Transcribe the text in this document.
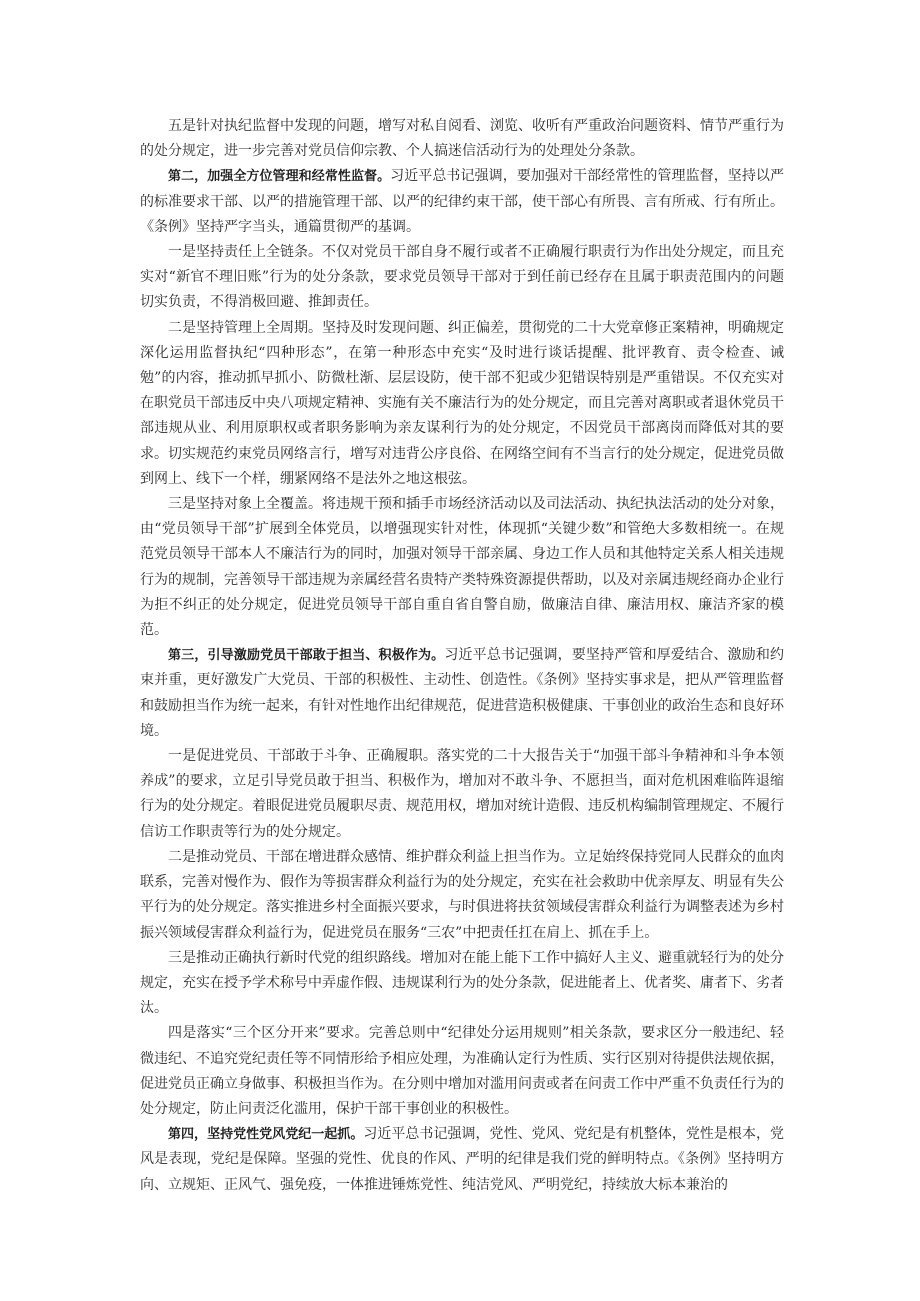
五是针对执纪监督中发现的问题，增写对私自阅看、浏览、收听有严重政治问题资料、情节严重行为的处分规定，进一步完善对党员信仰宗教、个人搞迷信活动行为的处理处分条款。

第二，加强全方位管理和经常性监督。习近平总书记强调，要加强对干部经常性的管理监督，坚持以严的标准要求干部、以严的措施管理干部、以严的纪律约束干部，使干部心有所畏、言有所戒、行有所止。《条例》坚持严字当头，通篇贯彻严的基调。

一是坚持责任上全链条。不仅对党员干部自身不履行或者不正确履行职责行为作出处分规定，而且充实对“新官不理旧账”行为的处分条款，要求党员领导干部对于到任前已经存在且属于职责范围内的问题切实负责，不得消极回避、推卸责任。

二是坚持管理上全周期。坚持及时发现问题、纠正偏差，贯彻党的二十大党章修正案精神，明确规定深化运用监督执纪“四种形态”，在第一种形态中充实“及时进行谈话提醒、批评教育、责令检查、诫勉”的内容，推动抓早抓小、防微杜渐、层层设防，使干部不犯或少犯错误特别是严重错误。不仅充实对在职党员干部违反中央八项规定精神、实施有关不廉洁行为的处分规定，而且完善对离职或者退休党员干部违规从业、利用原职权或者职务影响为亲友谋利行为的处分规定，不因党员干部离岗而降低对其的要求。切实规范约束党员网络言行，增写对违背公序良俗、在网络空间有不当言行的处分规定，促进党员做到网上、线下一个样，绷紧网络不是法外之地这根弦。

三是坚持对象上全覆盖。将违规干预和插手市场经济活动以及司法活动、执纪执法活动的处分对象，由“党员领导干部”扩展到全体党员，以增强现实针对性，体现抓“关键少数”和管绝大多数相统一。在规范党员领导干部本人不廉洁行为的同时，加强对领导干部亲属、身边工作人员和其他特定关系人相关违规行为的规制，完善领导干部违规为亲属经营名贵特产类特殊资源提供帮助，以及对亲属违规经商办企业行为拒不纠正的处分规定，促进党员领导干部自重自省自警自励，做廉洁自律、廉洁用权、廉洁齐家的模范。

第三，引导激励党员干部敢于担当、积极作为。习近平总书记强调，要坚持严管和厚爱结合、激励和约束并重，更好激发广大党员、干部的积极性、主动性、创造性。《条例》坚持实事求是，把从严管理监督和鼓励担当作为统一起来，有针对性地作出纪律规范，促进营造积极健康、干事创业的政治生态和良好环境。

一是促进党员、干部敢于斗争、正确履职。落实党的二十大报告关于“加强干部斗争精神和斗争本领养成”的要求，立足引导党员敢于担当、积极作为，增加对不敢斗争、不愿担当，面对危机困难临阵退缩行为的处分规定。着眼促进党员履职尽责、规范用权，增加对统计造假、违反机构编制管理规定、不履行信访工作职责等行为的处分规定。

二是推动党员、干部在增进群众感情、维护群众利益上担当作为。立足始终保持党同人民群众的血肉联系，完善对慢作为、假作为等损害群众利益行为的处分规定，充实在社会救助中优亲厚友、明显有失公平行为的处分规定。落实推进乡村全面振兴要求，与时俱进将扶贫领域侵害群众利益行为调整表述为乡村振兴领域侵害群众利益行为，促进党员在服务“三农”中把责任扛在肩上、抓在手上。

三是推动正确执行新时代党的组织路线。增加对在能上能下工作中搞好人主义、避重就轻行为的处分规定，充实在授予学术称号中弄虚作假、违规谋利行为的处分条款，促进能者上、优者奖、庸者下、劣者汰。

四是落实“三个区分开来”要求。完善总则中“纪律处分运用规则”相关条款，要求区分一般违纪、轻微违纪、不追究党纪责任等不同情形给予相应处理，为准确认定行为性质、实行区别对待提供法规依据，促进党员正确立身做事、积极担当作为。在分则中增加对滥用问责或者在问责工作中严重不负责任行为的处分规定，防止问责泛化滥用，保护干部干事创业的积极性。

第四，坚持党性党风党纪一起抓。习近平总书记强调，党性、党风、党纪是有机整体，党性是根本，党风是表现，党纪是保障。坚强的党性、优良的作风、严明的纪律是我们党的鲜明特点。《条例》坚持明方向、立规矩、正风气、强免疫，一体推进锤炼党性、纯洁党风、严明党纪，持续放大标本兼治的
